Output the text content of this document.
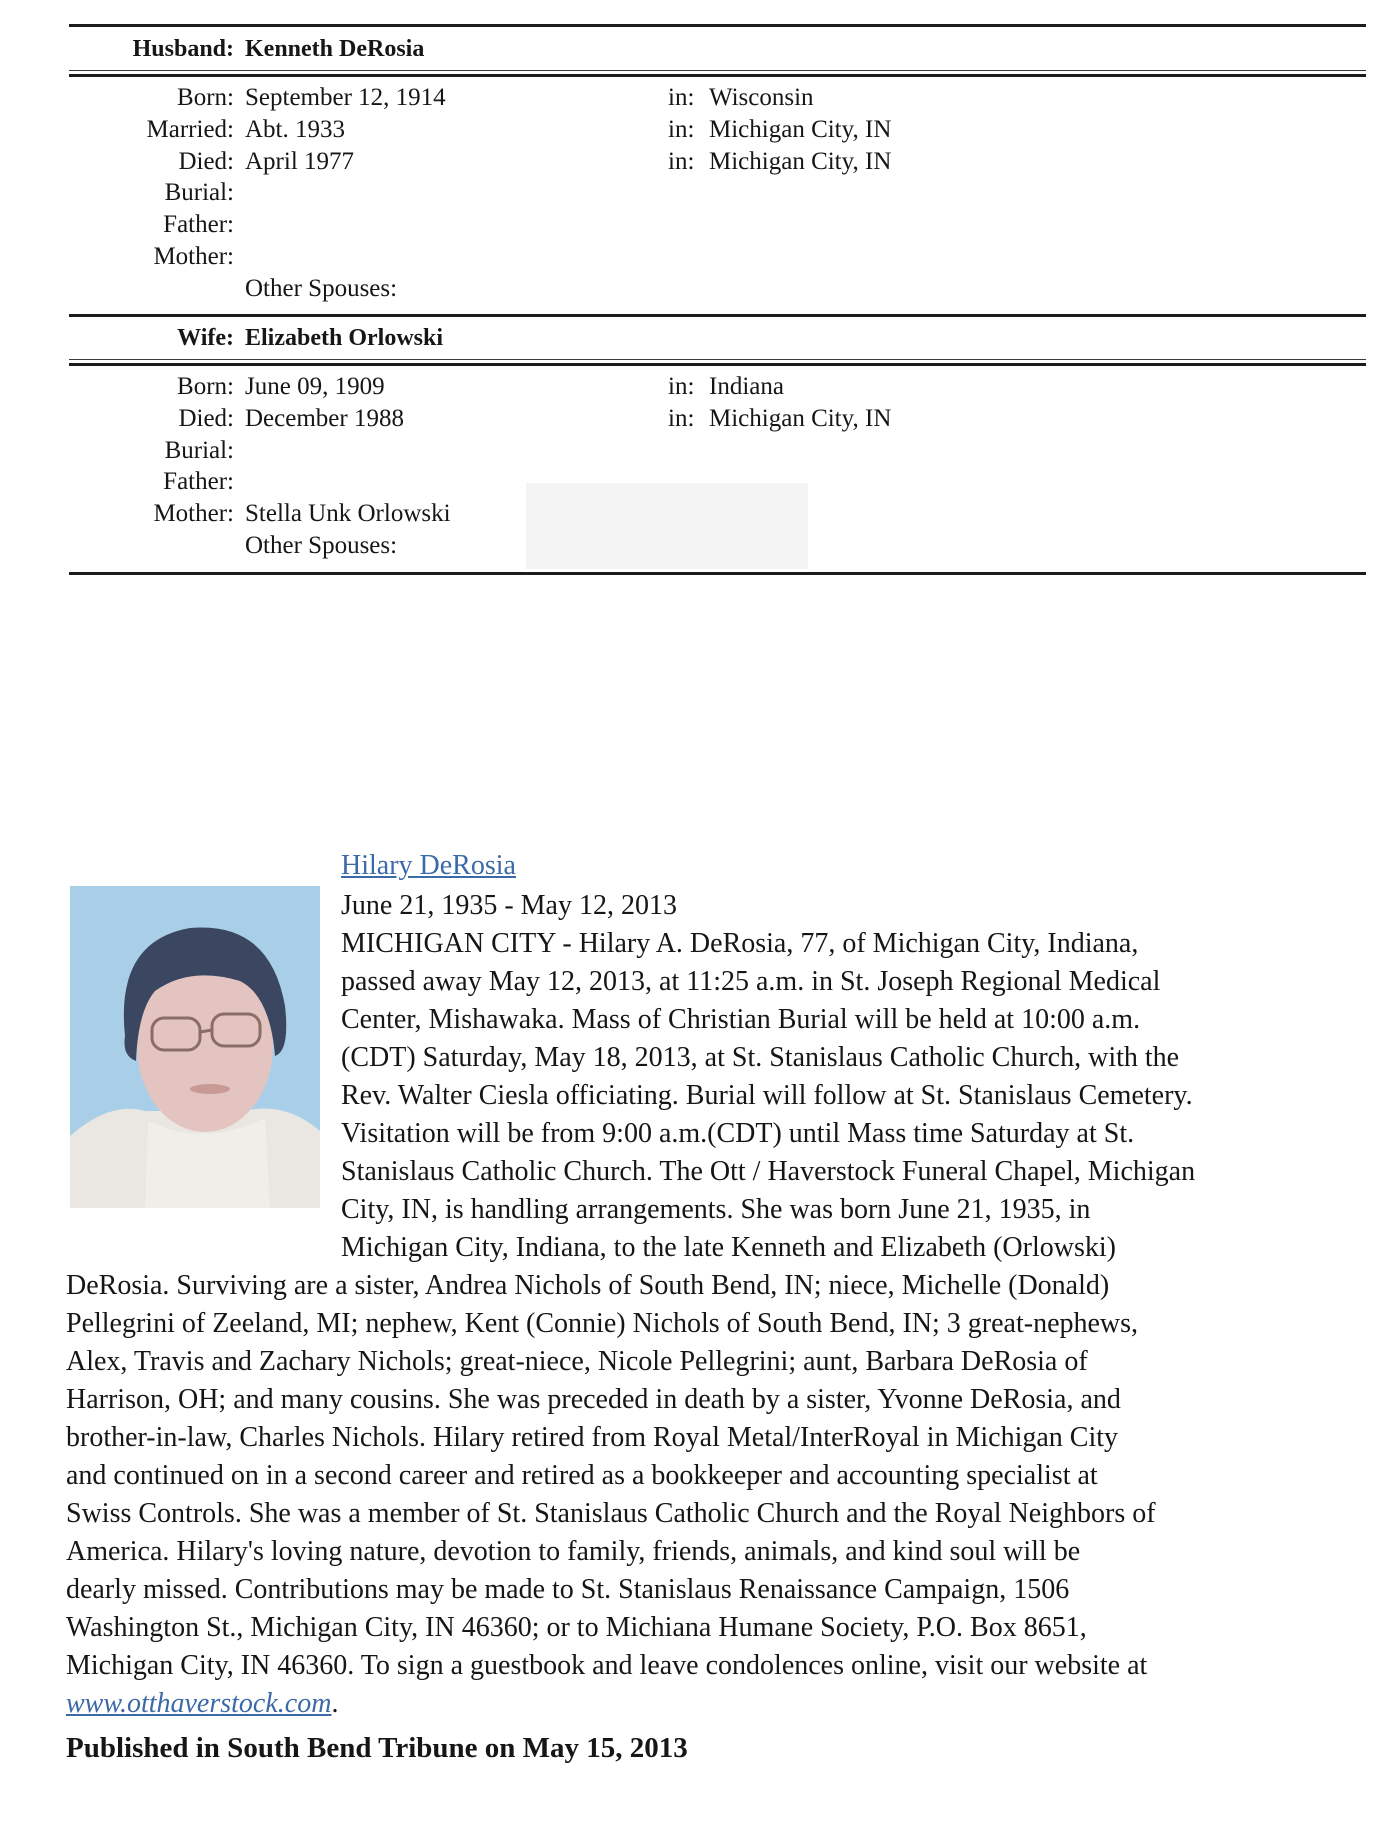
Husband: Kenneth DeRosia
Born: September 12, 1914	in: Wisconsin
Married: Abt. 1933	in: Michigan City, IN
Died: April 1977	in: Michigan City, IN
Burial:
Father:
Mother:
Other Spouses:
Wife: Elizabeth Orlowski
Born: June 09, 1909	in: Indiana
Died: December 1988	in: Michigan City, IN
Burial:
Father:
Mother: Stella Unk Orlowski
Other Spouses:
Hilary DeRosia
June 21, 1935 - May 12, 2013
MICHIGAN CITY - Hilary A. DeRosia, 77, of Michigan City, Indiana,
passed away May 12, 2013, at 11:25 a.m. in St. Joseph Regional Medical
Center, Mishawaka. Mass of Christian Burial will be held at 10:00 a.m.
(CDT) Saturday, May 18, 2013, at St. Stanislaus Catholic Church, with the
Rev. Walter Ciesla officiating. Burial will follow at St. Stanislaus Cemetery.
Visitation will be from 9:00 a.m.(CDT) until Mass time Saturday at St.
Stanislaus Catholic Church. The Ott / Haverstock Funeral Chapel, Michigan
City, IN, is handling arrangements. She was born June 21, 1935, in
Michigan City, Indiana, to the late Kenneth and Elizabeth (Orlowski)
DeRosia. Surviving are a sister, Andrea Nichols of South Bend, IN; niece, Michelle (Donald)
Pellegrini of Zeeland, MI; nephew, Kent (Connie) Nichols of South Bend, IN; 3 great-nephews,
Alex, Travis and Zachary Nichols; great-niece, Nicole Pellegrini; aunt, Barbara DeRosia of
Harrison, OH; and many cousins. She was preceded in death by a sister, Yvonne DeRosia, and
brother-in-law, Charles Nichols. Hilary retired from Royal Metal/InterRoyal in Michigan City
and continued on in a second career and retired as a bookkeeper and accounting specialist at
Swiss Controls. She was a member of St. Stanislaus Catholic Church and the Royal Neighbors of
America. Hilary's loving nature, devotion to family, friends, animals, and kind soul will be
dearly missed. Contributions may be made to St. Stanislaus Renaissance Campaign, 1506
Washington St., Michigan City, IN 46360; or to Michiana Humane Society, P.O. Box 8651,
Michigan City, IN 46360. To sign a guestbook and leave condolences online, visit our website at
www.otthaverstock.com.
Published in South Bend Tribune on May 15, 2013
